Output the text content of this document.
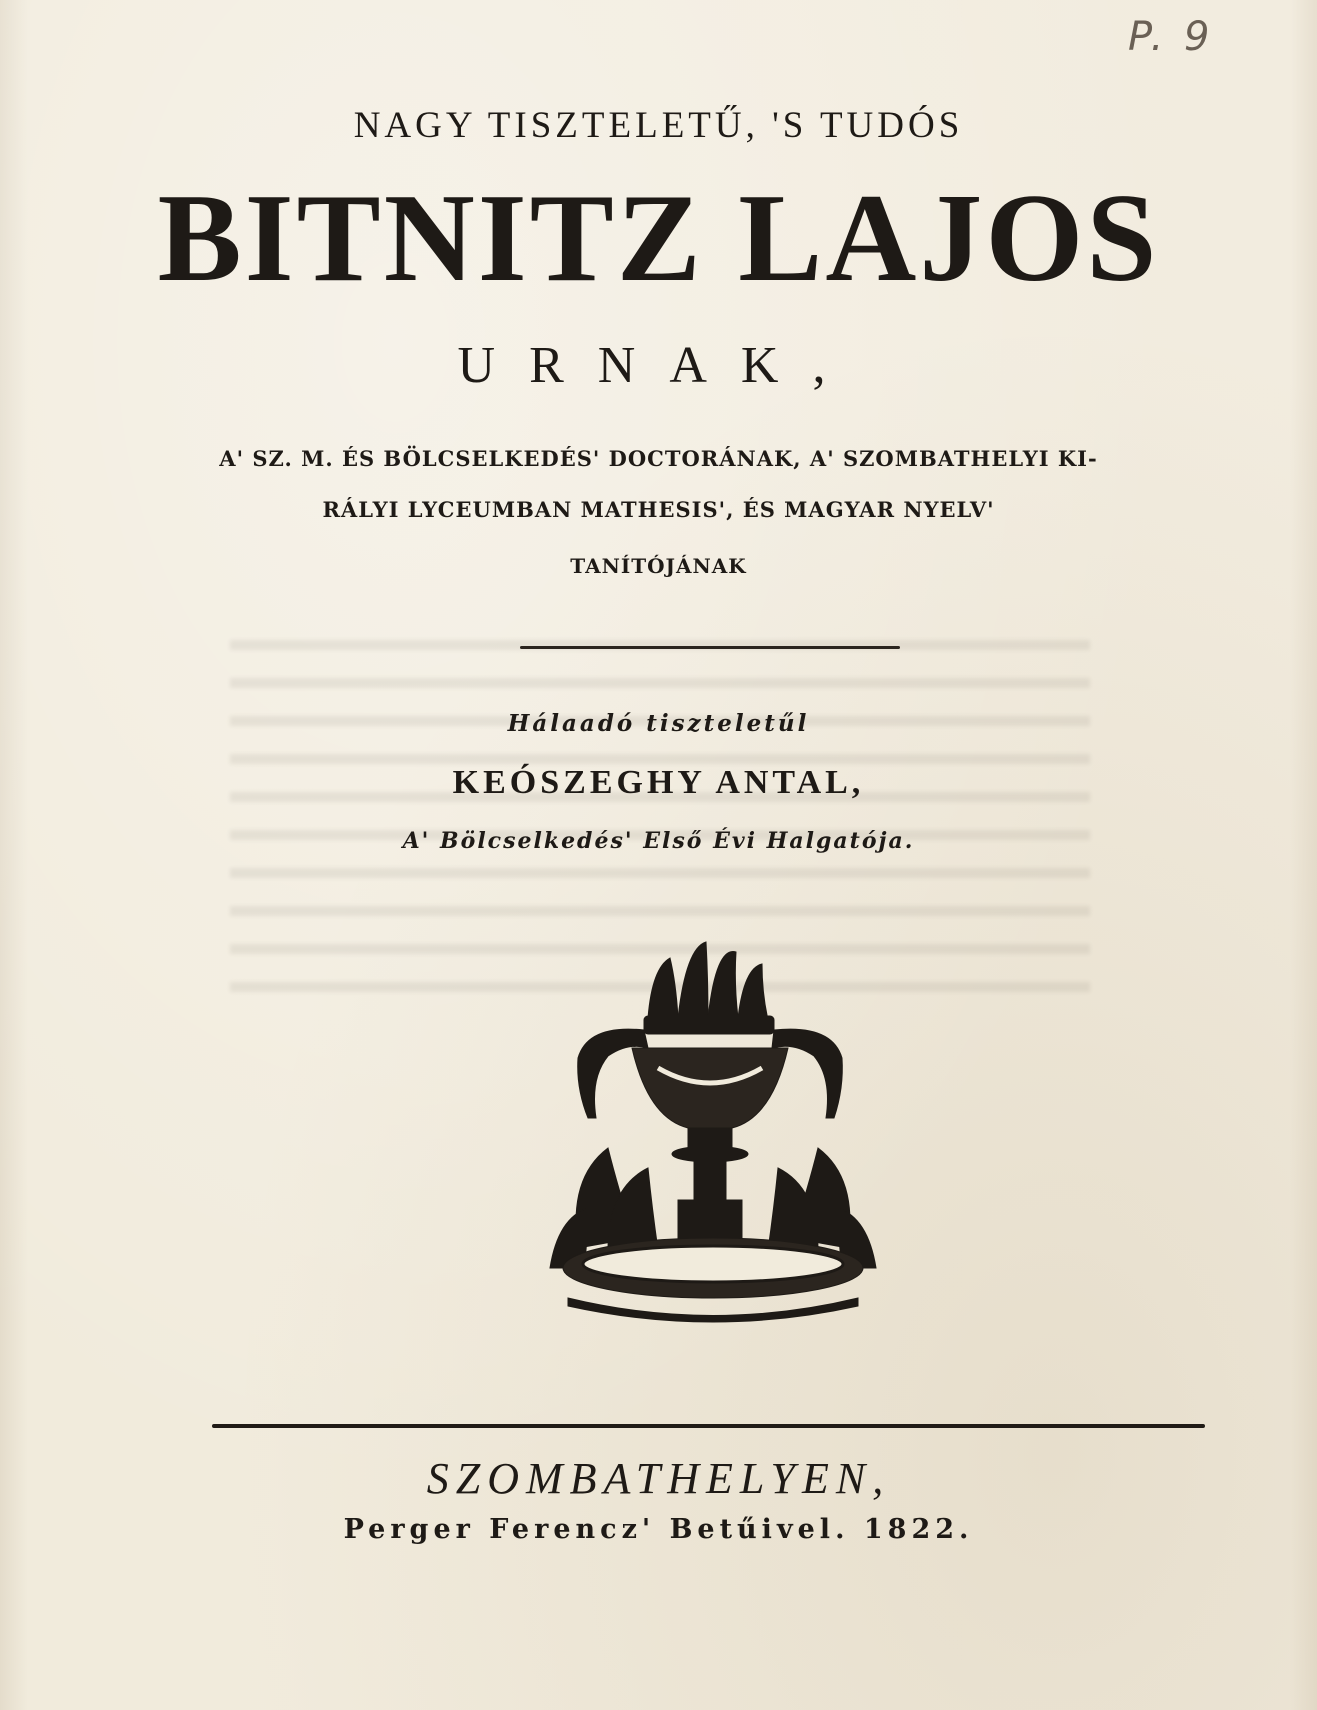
P. 9
NAGY TISZTELETŰ, 'S TUDÓS
BITNITZ LAJOS
URNAK,
A' SZ. M. ÉS BÖLCSELKEDÉS' DOCTORÁNAK, A' SZOMBATHELYI KI-
RÁLYI LYCEUMBAN MATHESIS', ÉS MAGYAR NYELV'
TANÍTÓJÁNAK
Hálaadó tiszteletűl
KEÓSZEGHY ANTAL,
A' Bölcselkedés' Első Évi Halgatója.
SZOMBATHELYEN,
Perger Ferencz' Betűivel. 1822.
